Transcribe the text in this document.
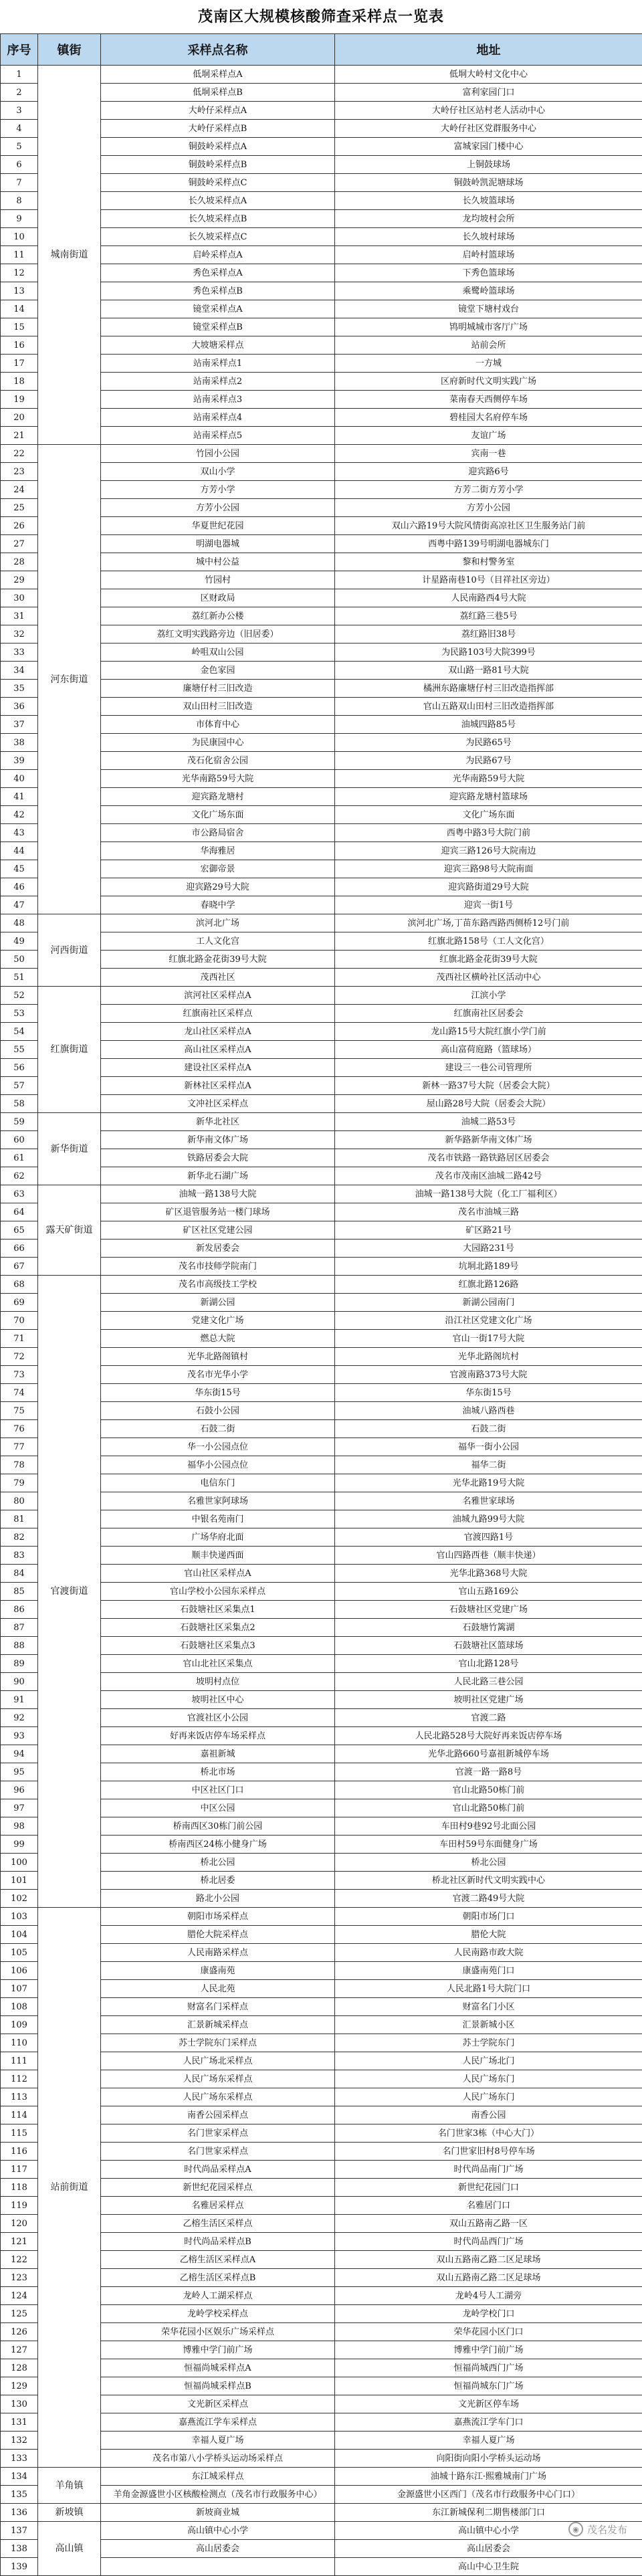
茂南区大规模核酸筛查采样点一览表
序号	镇街	采样点名称	地址
1	城南街道	低垌采样点A	低垌大岭村文化中心
2		低垌采样点B	富利家园门口
3		大岭仔采样点A	大岭仔社区站村老人活动中心
4		大岭仔采样点B	大岭仔社区党群服务中心
5		铜鼓岭采样点A	富城家园门楼中心
6		铜鼓岭采样点B	上铜鼓球场
7		铜鼓岭采样点C	铜鼓岭凯泥塘球场
8		长久坡采样点A	长久坡篮球场
9		长久坡采样点B	龙均坡村会所
10		长久坡采样点C	长久坡村球场
11		启岭采样点A	启岭村篮球场
12		秀色采样点A	下秀色篮球场
13		秀色采样点B	乘鹭岭篮球场
14		镜堂采样点A	镜堂下塘村戏台
15		镜堂采样点B	鸨明城城市客厅广场
16		大坡塘采样点	站前会所
17		站南采样点1	一方城
18		站南采样点2	区府新时代文明实践广场
19		站南采样点3	菜南春天西侧停车场
20		站南采样点4	碧桂园大名府停车场
21		站南采样点5	友谊广场
22	河东街道	竹园小公园	宾南一巷
23		双山小学	迎宾路6号
24		方芳小学	方芳二街方芳小学
25		方芳小公园	方芳小公园
26		华夏世纪花园	双山六路19号大院风情街高凉社区卫生服务站门前
27		明湖电器城	西粤中路139号明湖电器城东门
28		城中村公益	黎和村警务室
29		竹园村	计星路南巷10号（目祥社区旁边）
30		区财政局	人民南路西4号大院
31		荔红新办公楼	荔红路三巷5号
32		荔红文明实践路旁边（旧居委）	荔红路旧38号
33		岭咀双山公园	为民路103号大院399号
34		金色家园	双山路一路81号大院
35		廉塘仔村三旧改造	橘洲东路廉塘仔村三旧改造指挥部
36		双山田村三旧改造	官山五路双山田村三旧改造指挥部
37		市体育中心	油城四路85号
38		为民康园中心	为民路65号
39		茂石化宿舍公园	为民路67号
40		光华南路59号大院	光华南路59号大院
41		迎宾路龙塘村	迎宾路龙塘村篮球场
42		文化广场东面	文化广场东面
43		市公路局宿舍	西粤中路3号大院门前
44		华海雅居	迎宾三路126号大院南边
45		宏御帝景	迎宾三路98号大院南面
46		迎宾路29号大院	迎宾路街道29号大院
47		春晓中学	迎宾一街1号
48	河西街道	滨河北广场	滨河北广场,丁苗东路西路西侧桥12号门前
49		工人文化宫	红旗北路158号（工人文化宫）
50		红旗北路金花街39号大院	红旗北路金花街39号大院
51		茂西社区	茂西社区横岭社区活动中心
52	红旗街道	滨河社区采样点A	江滨小学
53		红旗南社区采样点	红旗南社区居委会
54		龙山社区采样点A	龙山路15号大院红旗小学门前
55		高山社区采样点A	高山富荷庭路（篮球场）
56		建设社区采样点A	建设三一巷公司管理所
57		新林社区采样点A	新林一路37号大院（居委会大院）
58		文冲社区采样点	屋山路28号大院（居委会大院）
59	新华街道	新华北社区	油城二路53号
60		新华南文体广场	新华路新华南文体广场
61		铁路居委会大院	茂名市铁路一路铁路居区居委会
62		新华北石湖广场	茂名市茂南区油城二路42号
63	露天矿街道	油城一路138号大院	油城一路138号大院（化工厂福利区）
64		矿区退管服务站一楼门球场	茂名市油城三路
65		矿区社区党建公园	矿区路21号
66		新发居委会	大园路231号
67		茂名市技师学院南门	坑垌北路189号
68	官渡街道	茂名市高级技工学校	红旗北路126路
69		新湖公园	新湖公园南门
70		党建文化广场	沿江社区党建文化广场
71		燃总大院	官山一街17号大院
72		光华北路阁镇村	光华北路阁坑村
73		茂名市光华小学	官渡南路373号大院
74		华东街15号	华东街15号
75		石鼓小公园	油城八路西巷
76		石鼓二街	石鼓二街
77		华一小公园点位	福华一街小公园
78		福华小公园点位	福华二街
79		电信东门	光华北路19号大院
80		名雅世家阿球场	名雅世家球场
81		中银名苑南门	油城九路99号大院
82		广场华府北面	官渡四路1号
83		顺丰快递西面	官山四路西巷（顺丰快递）
84		官山社区采样点A	光华北路368号大院
85		官山学校小公园东采样点	官山五路169公
86		石鼓塘社区采集点1	石鼓塘社区党建广场
87		石鼓塘社区采集点2	石鼓塘竹篱湖
88		石鼓塘社区采集点3	石鼓塘社区篮球场
89		官山北社区采集点	官山北路128号
90		坡明村点位	人民北路三巷公园
91		坡明社区中心	坡明社区党建广场
92		官渡社区小公园	官渡二路
93		好再来饭店停车场采样点	人民北路528号大院好再来饭店停车场
94		嘉祖新城	光华北路660号嘉祖新城停车场
95		桥北市场	官渡一路一路8号
96		中区社区门口	官山北路50栋门前
97		中区公园	官山北路50栋门前
98		桥南西区30栋门前公园	车田村9巷92号北面公园
99		桥南西区24栋小健身广场	车田村59号东面健身广场
100		桥北公园	桥北公园
101		桥北居委	桥北社区新时代文明实践中心
102		路北小公园	官渡二路49号大院
103	站前街道	朝阳市场采样点	朝阳市场门口
104		腊伦大院采样点	腊伦大院
105		人民南路采样点	人民南路市政大院
106		康盛南苑	康盛南苑门口
107		人民北苑	人民北路1号大院门口
108		财富名门采样点	财富名门小区
109		汇景新城采样点	汇景新城小区
110		苏士学院东门采样点	苏士学院东门
111		人民广场北采样点	人民广场北门
112		人民广场东采样点	人民广场东门
113		人民广场东采样点	人民广场东门
114		南香公园采样点	南香公园
115		名门世家采样点	名门世家3栋（中心大门）
116		名门世家采样点	名门世家旧村8号停车场
117		时代尚品采样点A	时代尚品南门广场
118		新世纪花园采样点	新世纪花园门口
119		名雅居采样点	名雅居门口
120		乙榕生活区采样点	双山五路南乙路一区
121		时代尚品采样点B	时代尚品西门广场
122		乙榕生活区采样点A	双山五路南乙路二区足球场
123		乙榕生活区采样点B	双山五路南乙路二区足球场
124		龙岭人工湖采样点	龙岭4号人工湖旁
125		龙岭学校采样点	龙岭学校门口
126		荣华花园小区娱乐广场采样点	荣华花园小区门口
127		博雅中学门前广场	博雅中学门前广场
128		恒福尚城采样点A	恒福尚城西门广场
129		恒福尚城采样点B	恒福尚城东门广场
130		文光新区采样点	文光新区停车场
131		嘉燕流江学车采样点	嘉燕流江学车门口
132		幸福人夏广场	幸福人夏广场
133		茂名市第八小学桥头运动场采样点	向阳街向阳小学桥头运动场
134	羊角镇	东江城采样点	油城十路东江·熙雅城南门广场
135		羊角金源盛世小区核酸检测点（茂名市行政服务中心）	金源盛世小区西门（茂名市行政服务中心门口）
136	新坡镇	新坡商业城	东江新城保利二期售楼部门口
137	高山镇	高山镇中心小学	高山镇中心小学
138		高山居委会	高山居委会
139			高山中心卫生院
◉ 茂名发布
